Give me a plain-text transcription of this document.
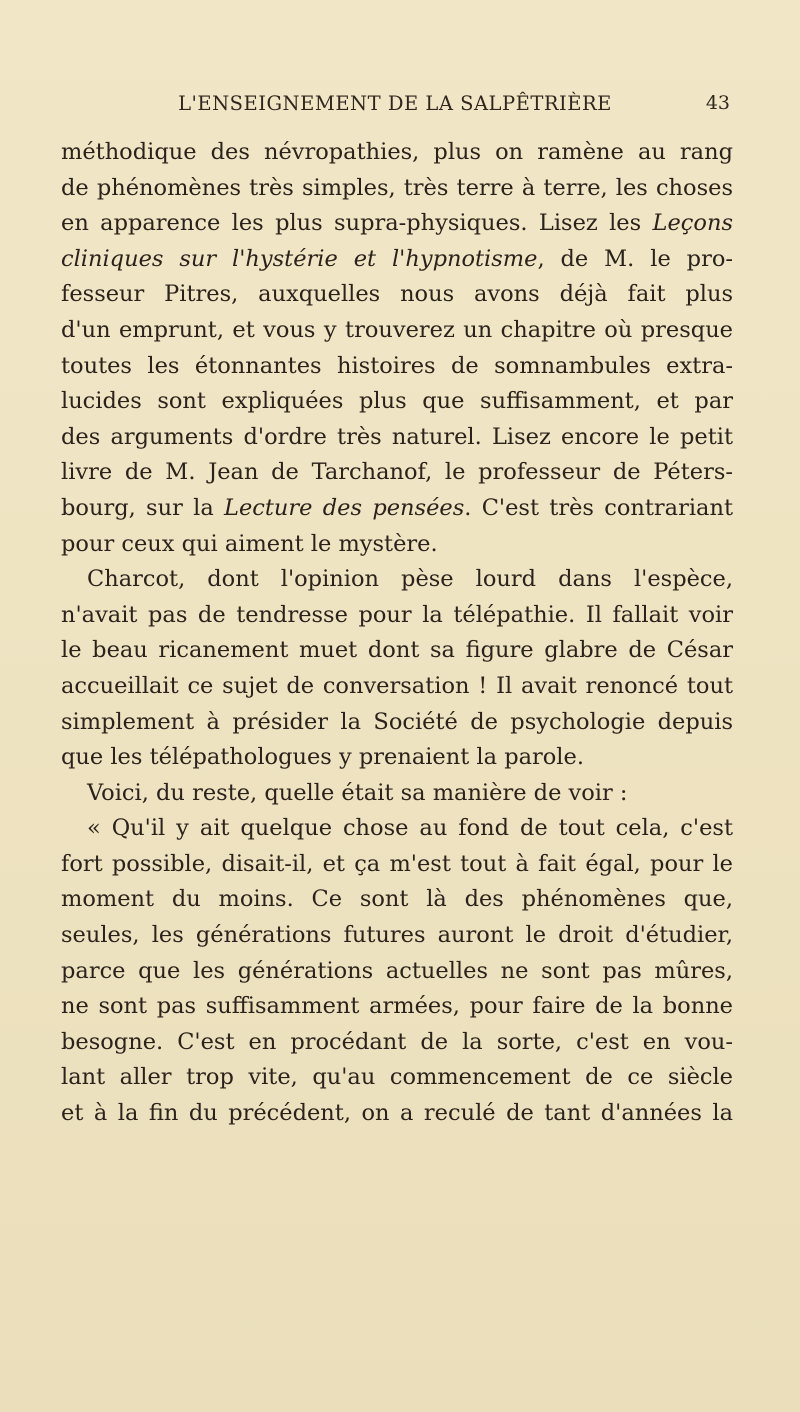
L'ENSEIGNEMENT DE LA SALPÊTRIÈRE	43
méthodique des névropathies, plus on ramène au rang
de phénomènes très simples, très terre à terre, les choses
en apparence les plus supra-physiques. Lisez les Leçons
cliniques sur l'hystérie et l'hypnotisme, de M. le pro-
fesseur Pitres, auxquelles nous avons déjà fait plus
d'un emprunt, et vous y trouverez un chapitre où presque
toutes les étonnantes histoires de somnambules extra-
lucides sont expliquées plus que suffisamment, et par
des arguments d'ordre très naturel. Lisez encore le petit
livre de M. Jean de Tarchanof, le professeur de Péters-
bourg, sur la Lecture des pensées. C'est très contrariant
pour ceux qui aiment le mystère.
Charcot, dont l'opinion pèse lourd dans l'espèce,
n'avait pas de tendresse pour la télépathie. Il fallait voir
le beau ricanement muet dont sa figure glabre de César
accueillait ce sujet de conversation ! Il avait renoncé tout
simplement à présider la Société de psychologie depuis
que les télépathologues y prenaient la parole.
Voici, du reste, quelle était sa manière de voir :
« Qu'il y ait quelque chose au fond de tout cela, c'est
fort possible, disait-il, et ça m'est tout à fait égal, pour le
moment du moins. Ce sont là des phénomènes que,
seules, les générations futures auront le droit d'étudier,
parce que les générations actuelles ne sont pas mûres,
ne sont pas suffisamment armées, pour faire de la bonne
besogne. C'est en procédant de la sorte, c'est en vou-
lant aller trop vite, qu'au commencement de ce siècle
et à la fin du précédent, on a reculé de tant d'années la
